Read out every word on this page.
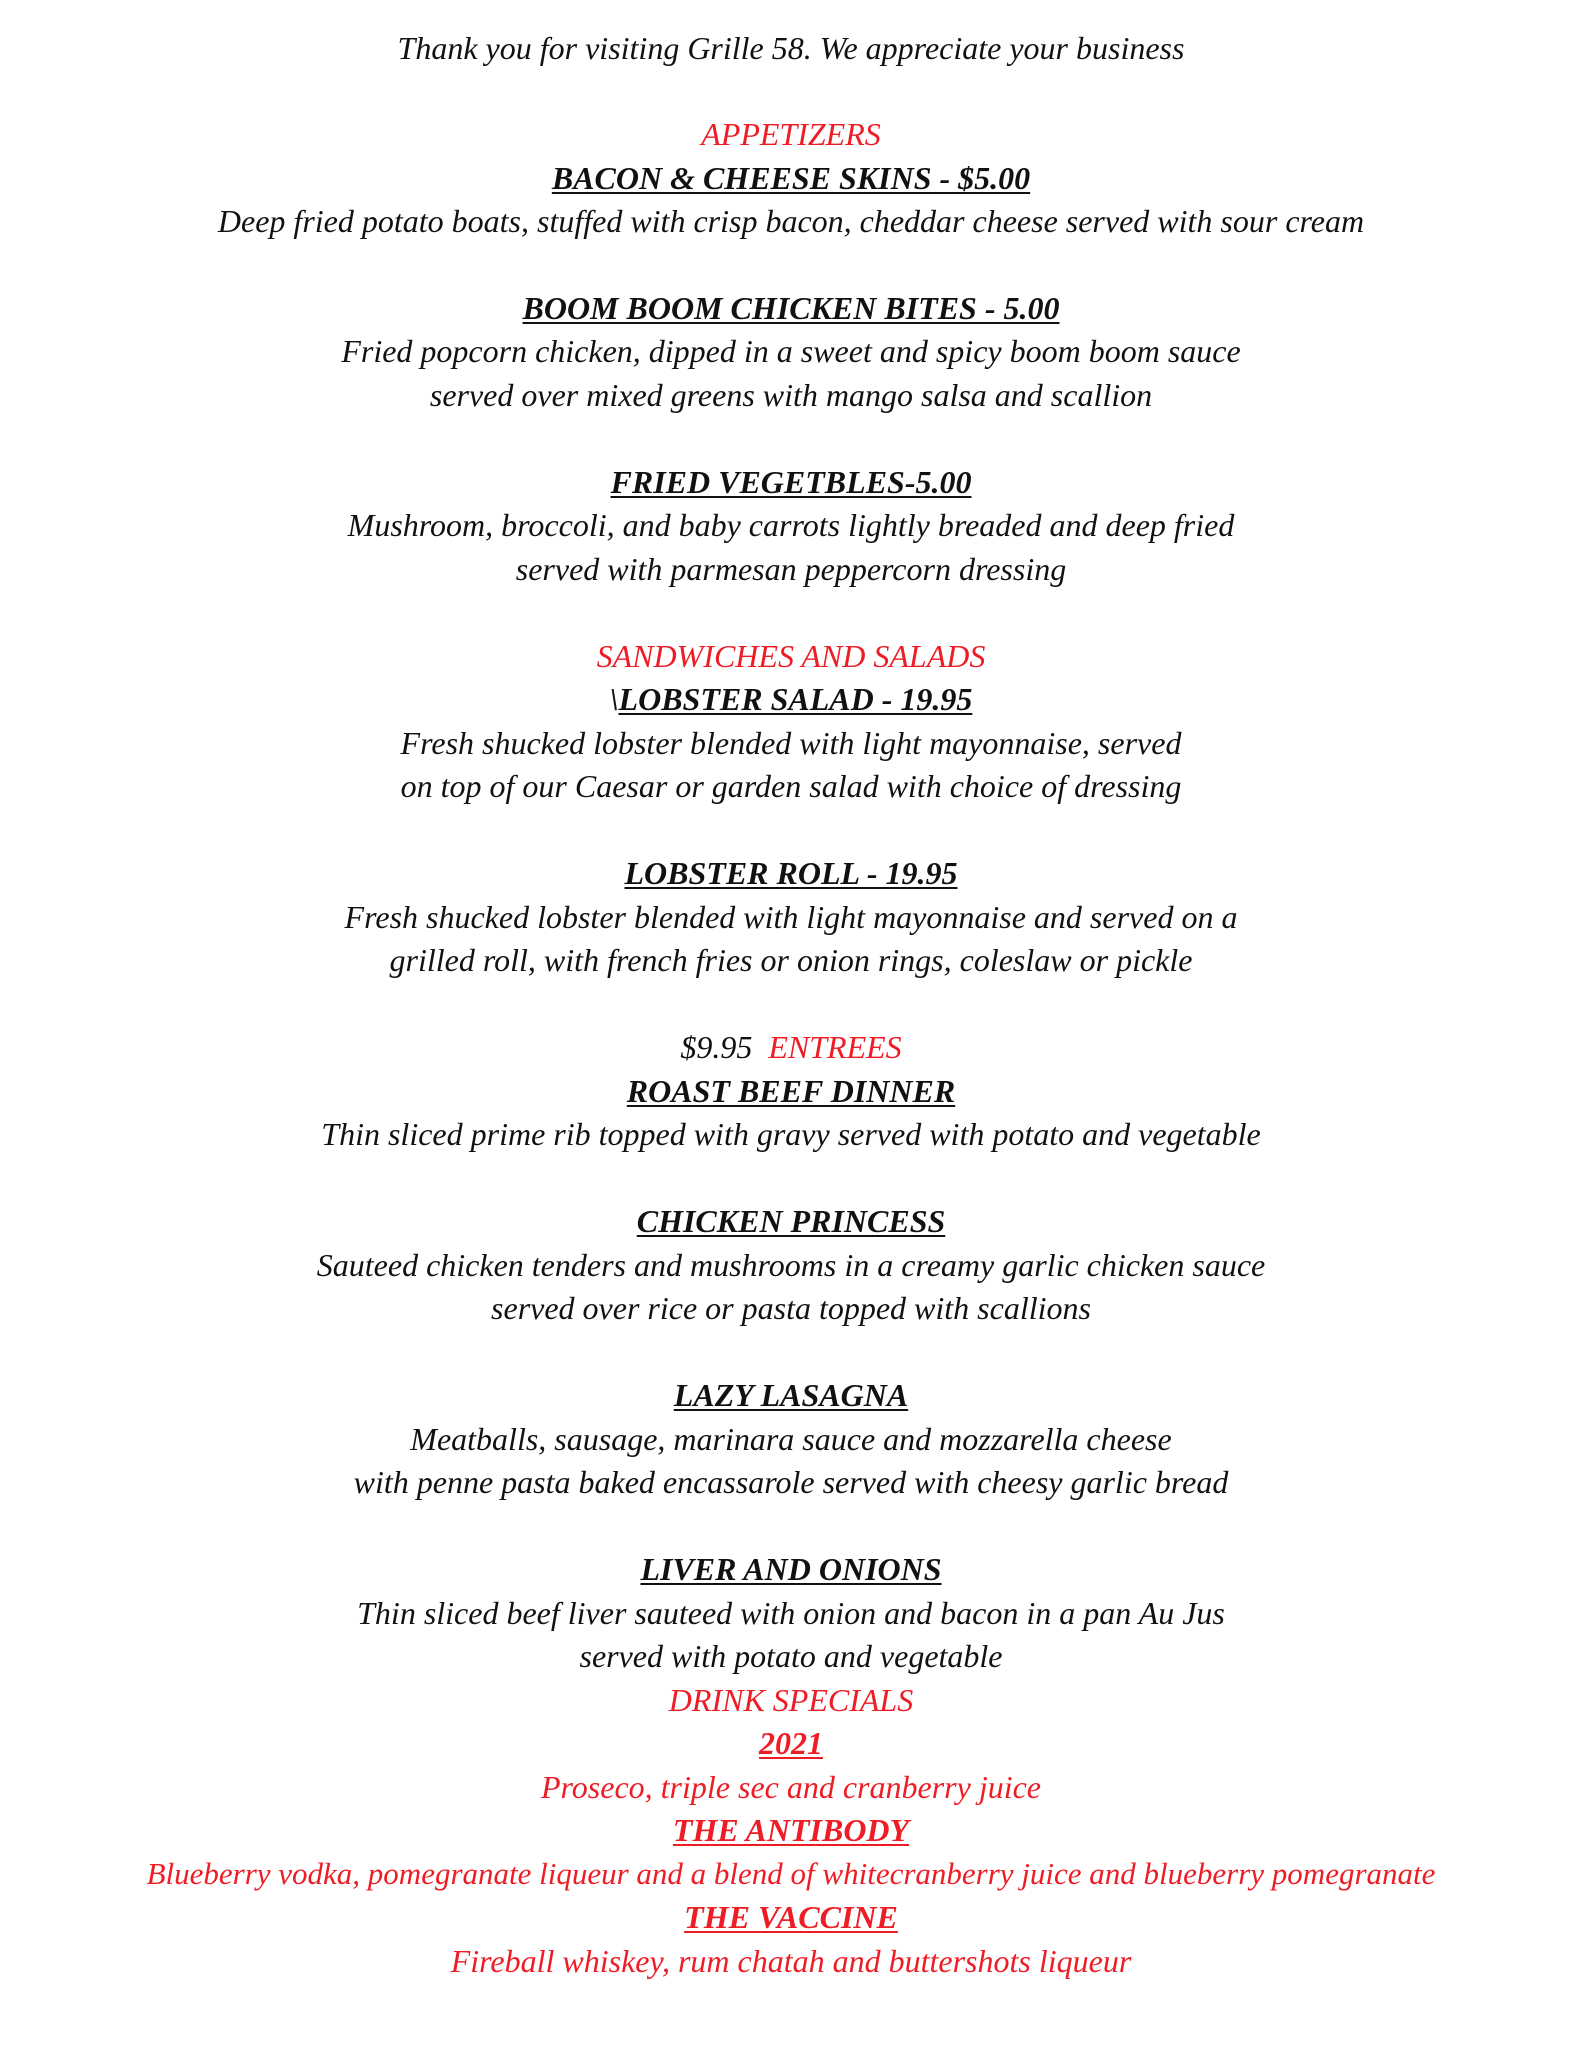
Thank you for visiting Grille 58. We appreciate your business
APPETIZERS
BACON & CHEESE SKINS - $5.00
Deep fried potato boats, stuffed with crisp bacon, cheddar cheese served with sour cream
BOOM BOOM CHICKEN BITES - 5.00
Fried popcorn chicken, dipped in a sweet and spicy boom boom sauce
served over mixed greens with mango salsa and scallion
FRIED VEGETBLES-5.00
Mushroom, broccoli, and baby carrots lightly breaded and deep fried
served with parmesan peppercorn dressing
SANDWICHES AND SALADS
\LOBSTER SALAD - 19.95
Fresh shucked lobster blended with light mayonnaise, served
on top of our Caesar or garden salad with choice of dressing
LOBSTER ROLL - 19.95
Fresh shucked lobster blended with light mayonnaise and served on a
grilled roll, with french fries or onion rings, coleslaw or pickle
$9.95 ENTREES
ROAST BEEF DINNER
Thin sliced prime rib topped with gravy served with potato and vegetable
CHICKEN PRINCESS
Sauteed chicken tenders and mushrooms in a creamy garlic chicken sauce
served over rice or pasta topped with scallions
LAZY LASAGNA
Meatballs, sausage, marinara sauce and mozzarella cheese
with penne pasta baked encassarole served with cheesy garlic bread
LIVER AND ONIONS
Thin sliced beef liver sauteed with onion and bacon in a pan Au Jus
served with potato and vegetable
DRINK SPECIALS
2021
Proseco, triple sec and cranberry juice
THE ANTIBODY
Blueberry vodka, pomegranate liqueur and a blend of whitecranberry juice and blueberry pomegranate
THE VACCINE
Fireball whiskey, rum chatah and buttershots liqueur
